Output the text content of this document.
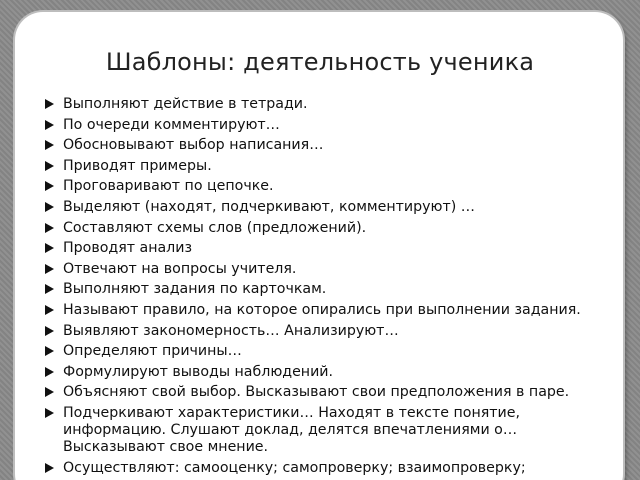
Шаблоны: деятельность ученика
Выполняют действие в тетради.
По очереди комментируют…
Обосновывают выбор написания…
Приводят примеры.
Проговаривают по цепочке.
Выделяют (находят, подчеркивают, комментируют) …
Составляют схемы слов (предложений).
Проводят анализ
Отвечают на вопросы учителя.
Выполняют задания по карточкам.
Называют правило, на которое опирались при выполнении задания.
Выявляют закономерность… Анализируют…
Определяют причины…
Формулируют выводы наблюдений.
Объясняют свой выбор. Высказывают свои предположения в паре.
Подчеркивают характеристики… Находят в тексте понятие, информацию. Слушают доклад, делятся впечатлениями о… Высказывают свое мнение.
Осуществляют: самооценку; самопроверку; взаимопроверку;
